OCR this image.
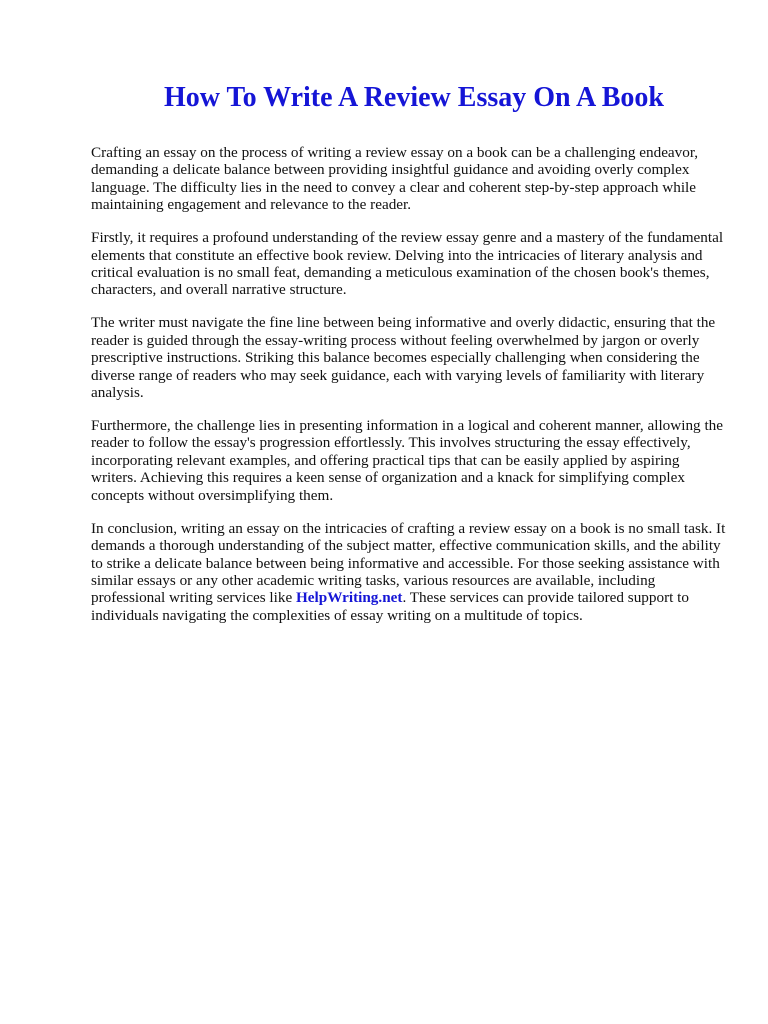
How To Write A Review Essay On A Book

Crafting an essay on the process of writing a review essay on a book can be a challenging endeavor, demanding a delicate balance between providing insightful guidance and avoiding overly complex language. The difficulty lies in the need to convey a clear and coherent step-by-step approach while maintaining engagement and relevance to the reader.

Firstly, it requires a profound understanding of the review essay genre and a mastery of the fundamental elements that constitute an effective book review. Delving into the intricacies of literary analysis and critical evaluation is no small feat, demanding a meticulous examination of the chosen book's themes, characters, and overall narrative structure.

The writer must navigate the fine line between being informative and overly didactic, ensuring that the reader is guided through the essay-writing process without feeling overwhelmed by jargon or overly prescriptive instructions. Striking this balance becomes especially challenging when considering the diverse range of readers who may seek guidance, each with varying levels of familiarity with literary analysis.

Furthermore, the challenge lies in presenting information in a logical and coherent manner, allowing the reader to follow the essay's progression effortlessly. This involves structuring the essay effectively, incorporating relevant examples, and offering practical tips that can be easily applied by aspiring writers. Achieving this requires a keen sense of organization and a knack for simplifying complex concepts without oversimplifying them.

In conclusion, writing an essay on the intricacies of crafting a review essay on a book is no small task. It demands a thorough understanding of the subject matter, effective communication skills, and the ability to strike a delicate balance between being informative and accessible. For those seeking assistance with similar essays or any other academic writing tasks, various resources are available, including professional writing services like HelpWriting.net. These services can provide tailored support to individuals navigating the complexities of essay writing on a multitude of topics.
